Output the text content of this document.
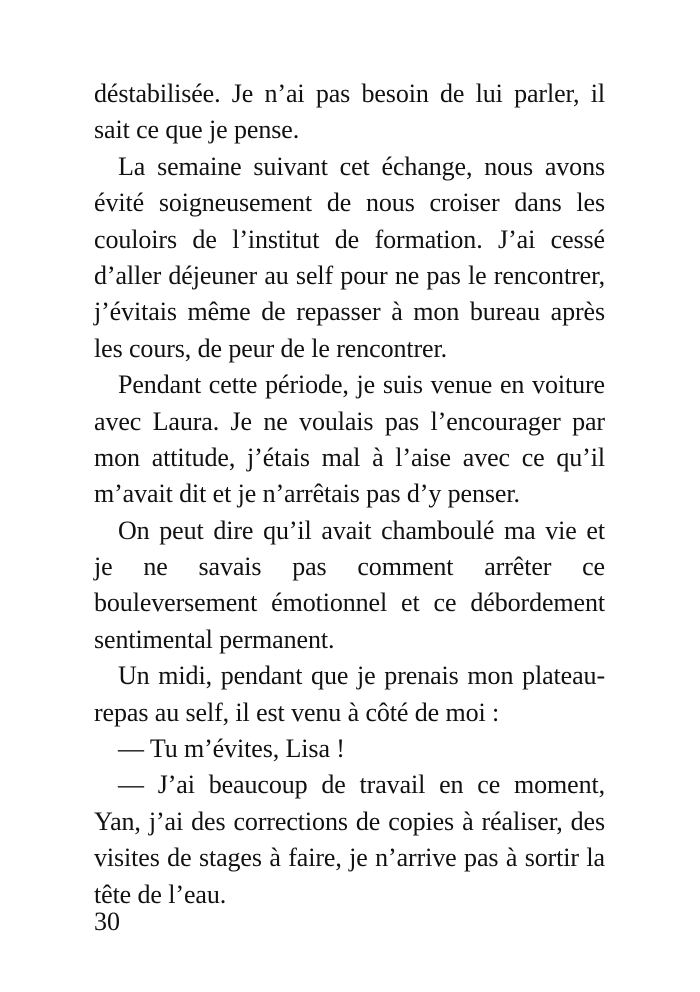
déstabilisée. Je n’ai pas besoin de lui parler, il
sait ce que je pense.
La semaine suivant cet échange, nous avons
évité soigneusement de nous croiser dans les
couloirs de l’institut de formation. J’ai cessé
d’aller déjeuner au self pour ne pas le rencontrer,
j’évitais même de repasser à mon bureau après
les cours, de peur de le rencontrer.
Pendant cette période, je suis venue en voiture
avec Laura. Je ne voulais pas l’encourager par
mon attitude, j’étais mal à l’aise avec ce qu’il
m’avait dit et je n’arrêtais pas d’y penser.
On peut dire qu’il avait chamboulé ma vie et
je ne savais pas comment arrêter ce
bouleversement émotionnel et ce débordement
sentimental permanent.
Un midi, pendant que je prenais mon plateau-
repas au self, il est venu à côté de moi :
— Tu m’évites, Lisa !
— J’ai beaucoup de travail en ce moment,
Yan, j’ai des corrections de copies à réaliser, des
visites de stages à faire, je n’arrive pas à sortir la
tête de l’eau.
30
